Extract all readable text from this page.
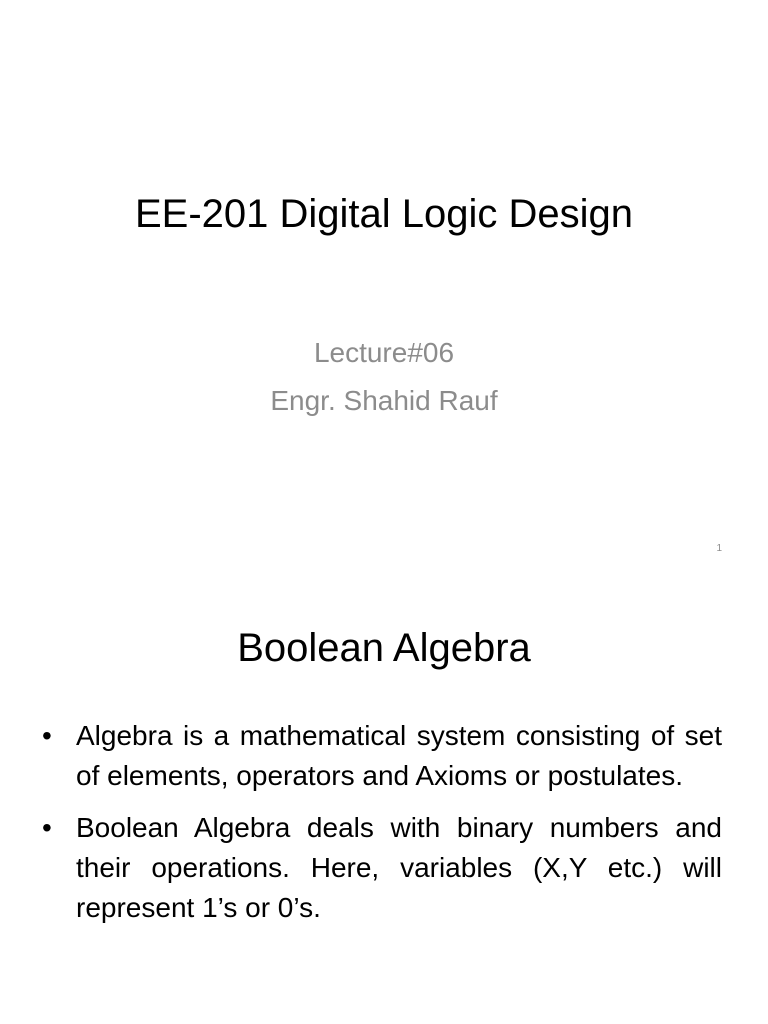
EE-201 Digital Logic Design
Lecture#06
Engr. Shahid Rauf
1
Boolean Algebra
• Algebra is a mathematical system consisting of set of elements, operators and Axioms or postulates.
• Boolean Algebra deals with binary numbers and their operations. Here, variables (X,Y etc.) will represent 1’s or 0’s.
